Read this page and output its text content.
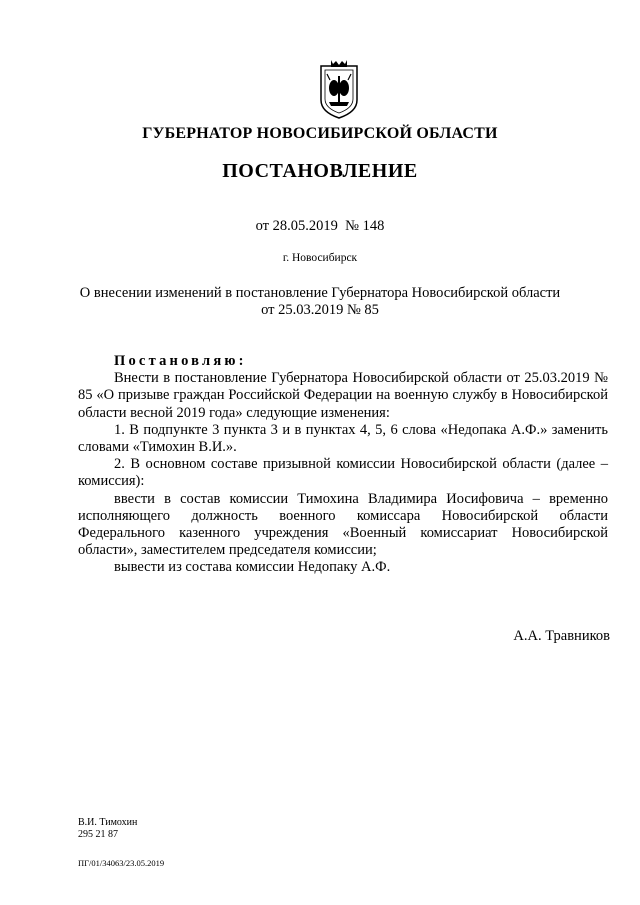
ГУБЕРНАТОР НОВОСИБИРСКОЙ ОБЛАСТИ
ПОСТАНОВЛЕНИЕ
от 28.05.2019  № 148
г. Новосибирск
О внесении изменений в постановление Губернатора Новосибирской области
от 25.03.2019 № 85

Постановляю:

Внести в постановление Губернатора Новосибирской области от 25.03.2019 № 85 «О призыве граждан Российской Федерации на военную службу в Новосибирской области весной 2019 года» следующие изменения:

1. В подпункте 3 пункта 3 и в пунктах 4, 5, 6 слова «Недопака А.Ф.» заменить словами «Тимохин В.И.».

2. В основном составе призывной комиссии Новосибирской области (далее – комиссия):

ввести в состав комиссии Тимохина Владимира Иосифовича – временно исполняющего должность военного комиссара Новосибирской области Федерального казенного учреждения «Военный комиссариат Новосибирской области», заместителем председателя комиссии;

вывести из состава комиссии Недопаку А.Ф.

А.А. Травников
В.И. Тимохин
295 21 87
ПГ/01/34063/23.05.2019
